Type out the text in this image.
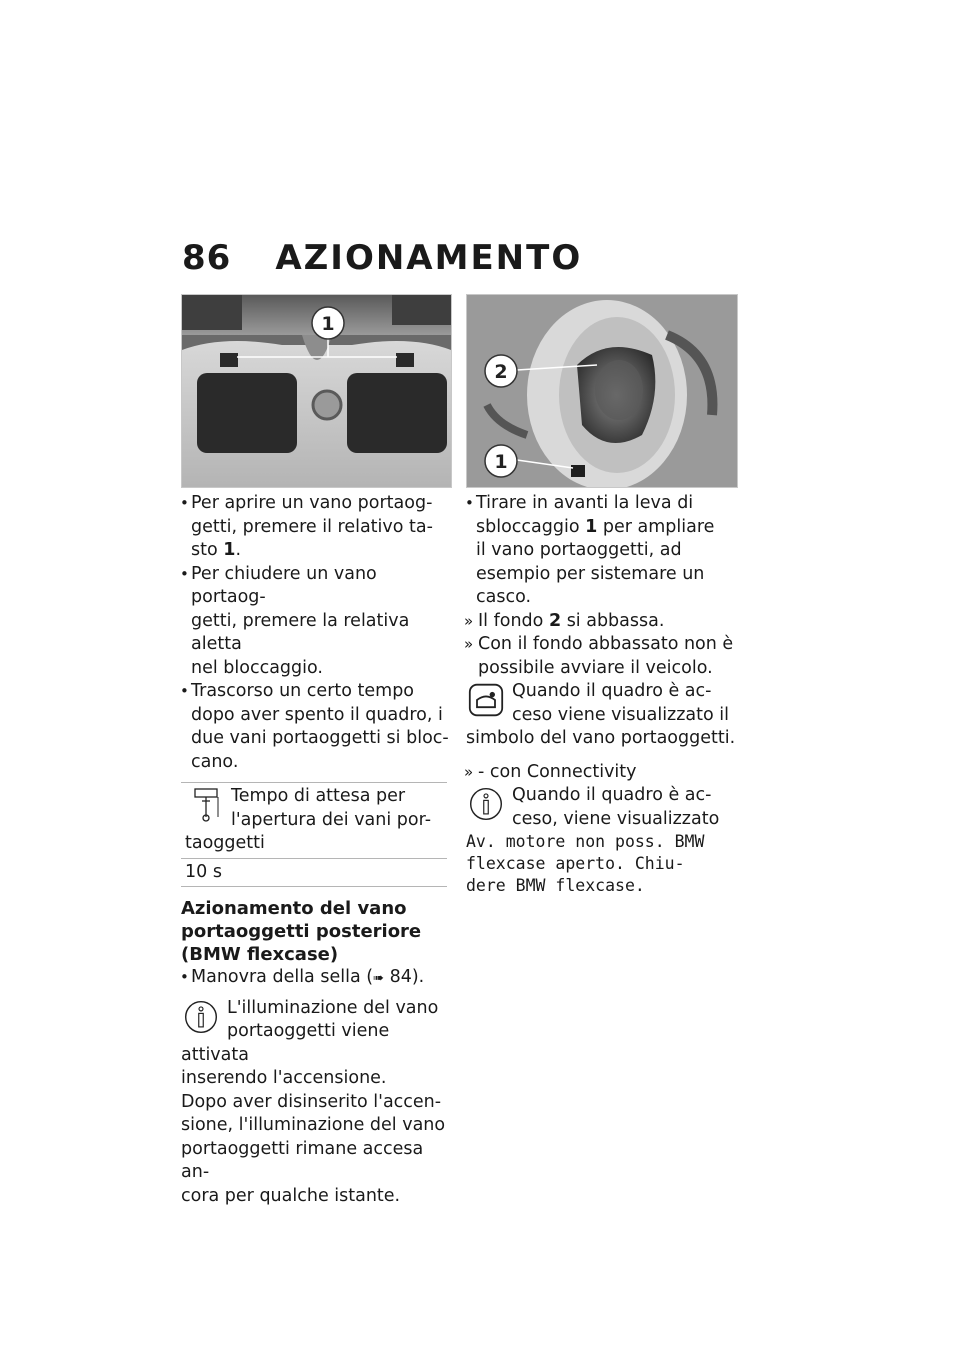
86 AZIONAMENTO
1
2
1
• Per aprire un vano portaog-
getti, premere il relativo ta-
sto 1.
• Per chiudere un vano portaog-
getti, premere la relativa aletta
nel bloccaggio.
• Trascorso un certo tempo
dopo aver spento il quadro, i
due vani portaoggetti si bloc-
cano.
Tempo di attesa per
l'apertura dei vani por-
taoggetti

10 s
Azionamento del vano
portaoggetti posteriore
(BMW flexcase)
• Manovra della sella (➠ 84).
L'illuminazione del vano
portaoggetti viene attivata
inserendo l'accensione.
Dopo aver disinserito l'accen-
sione, l'illuminazione del vano
portaoggetti rimane accesa an-
cora per qualche istante.
• Tirare in avanti la leva di
sbloccaggio 1 per ampliare
il vano portaoggetti, ad
esempio per sistemare un
casco.
» Il fondo 2 si abbassa.
» Con il fondo abbassato non è
possibile avviare il veicolo.
Quando il quadro è ac-
ceso viene visualizzato il
simbolo del vano portaoggetti.
» - con Connectivity
Quando il quadro è ac-
ceso, viene visualizzato
Av. motore non poss. BMW
flexcase aperto. Chiu-
dere BMW flexcase.
